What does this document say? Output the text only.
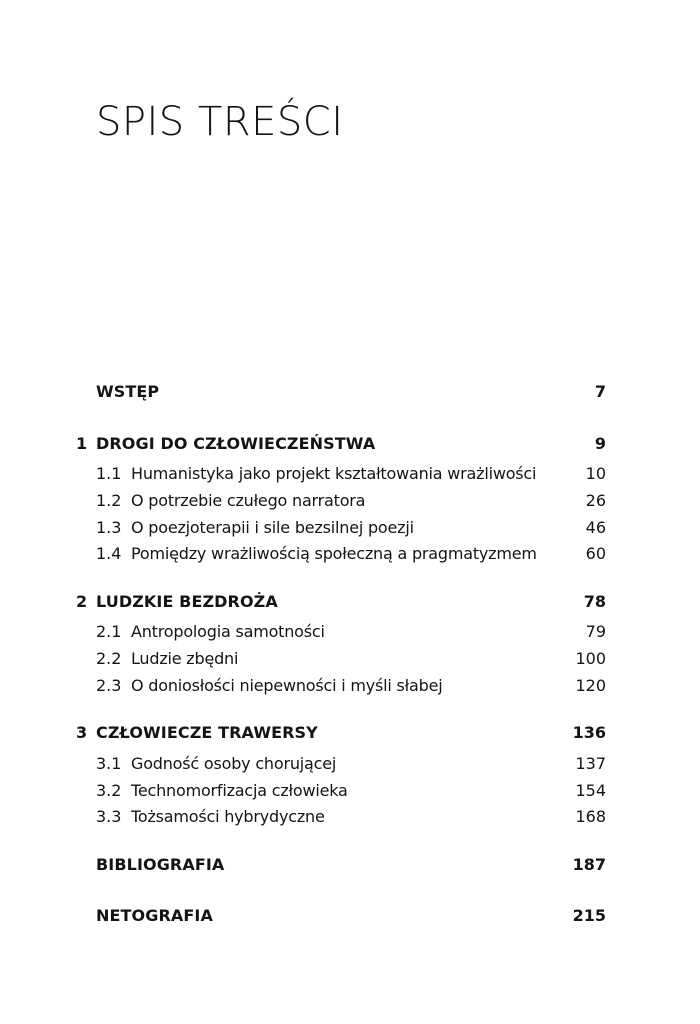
SPIS TREŚCI
WSTĘP	7
1 DROGI DO CZŁOWIECZEŃSTWA	9
1.1 Humanistyka jako projekt kształtowania wrażliwości	10
1.2 O potrzebie czułego narratora	26
1.3 O poezjoterapii i sile bezsilnej poezji	46
1.4 Pomiędzy wrażliwością społeczną a pragmatyzmem	60
2 LUDZKIE BEZDROŻA	78
2.1 Antropologia samotności	79
2.2 Ludzie zbędni	100
2.3 O doniosłości niepewności i myśli słabej	120
3 CZŁOWIECZE TRAWERSY	136
3.1 Godność osoby chorującej	137
3.2 Technomorfizacja człowieka	154
3.3 Tożsamości hybrydyczne	168
BIBLIOGRAFIA	187
NETOGRAFIA	215
